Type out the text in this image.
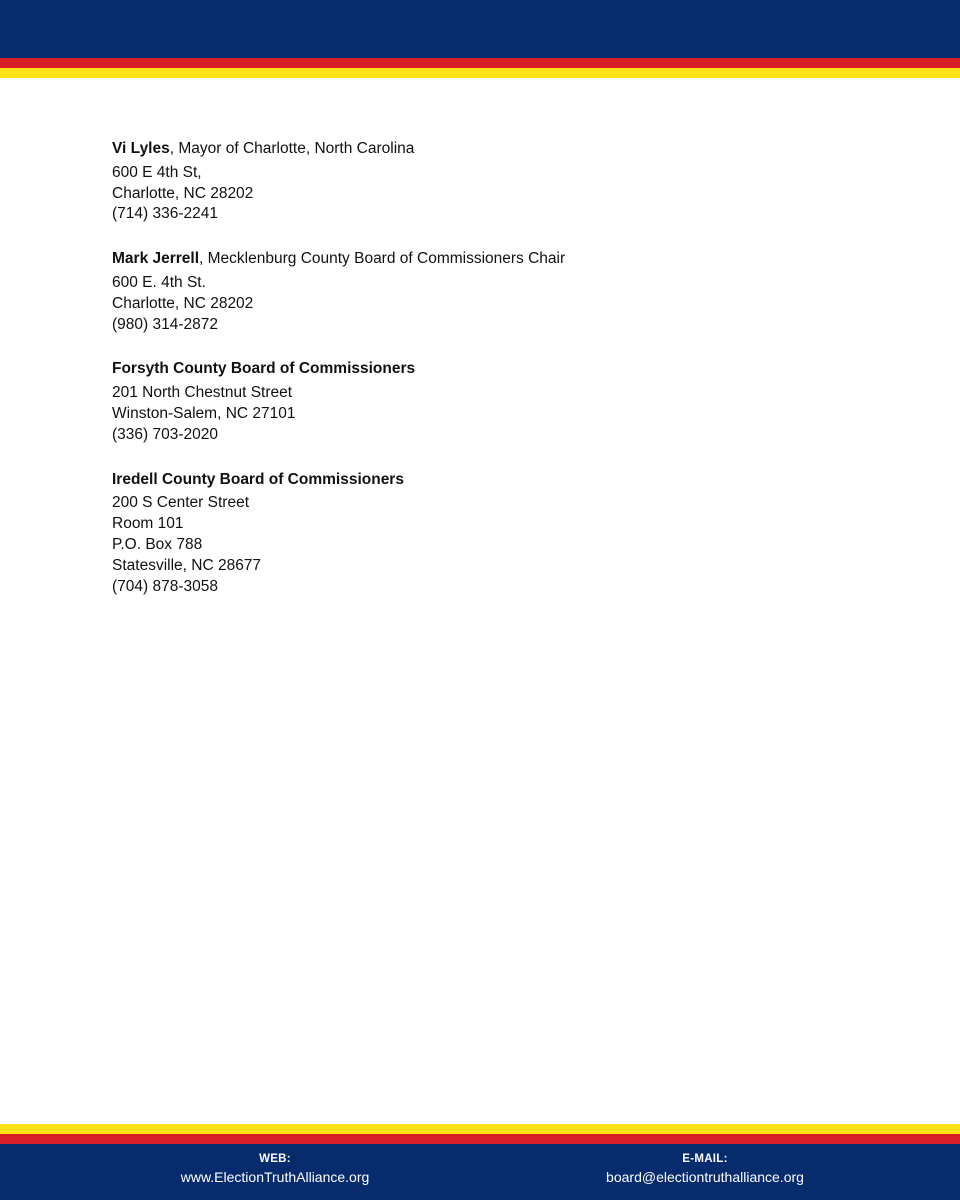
Vi Lyles, Mayor of Charlotte, North Carolina
600 E 4th St,
Charlotte, NC 28202
(714) 336-2241
Mark Jerrell, Mecklenburg County Board of Commissioners Chair
600 E. 4th St.
Charlotte, NC 28202
(980) 314-2872
Forsyth County Board of Commissioners
201 North Chestnut Street
Winston-Salem, NC 27101
(336) 703-2020
Iredell County Board of Commissioners
200 S Center Street
Room 101
P.O. Box 788
Statesville, NC 28677
(704) 878-3058
WEB:
www.ElectionTruthAlliance.org
E-MAIL:
board@electiontruthalliance.org
